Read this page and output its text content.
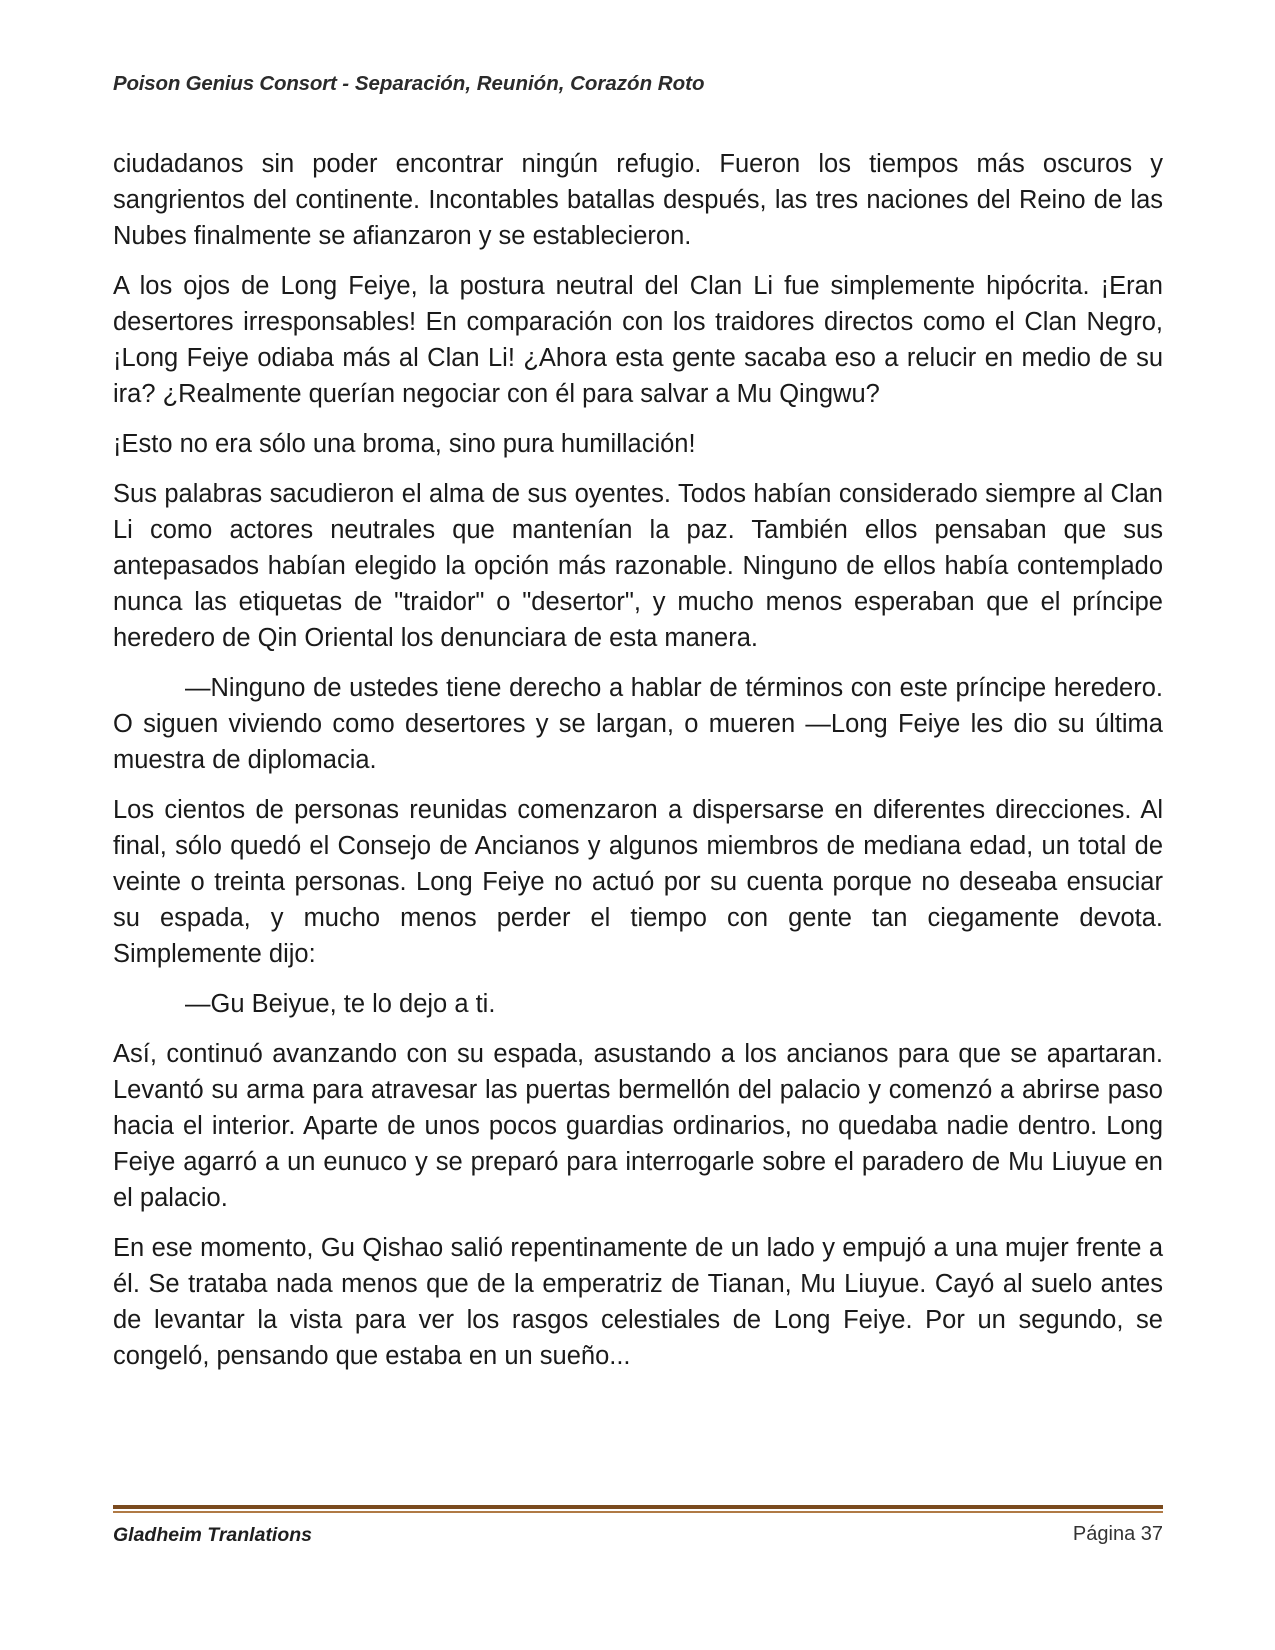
Poison Genius Consort - Separación, Reunión, Corazón Roto

ciudadanos sin poder encontrar ningún refugio. Fueron los tiempos más oscuros y sangrientos del continente. Incontables batallas después, las tres naciones del Reino de las Nubes finalmente se afianzaron y se establecieron.

A los ojos de Long Feiye, la postura neutral del Clan Li fue simplemente hipócrita. ¡Eran desertores irresponsables! En comparación con los traidores directos como el Clan Negro, ¡Long Feiye odiaba más al Clan Li! ¿Ahora esta gente sacaba eso a relucir en medio de su ira? ¿Realmente querían negociar con él para salvar a Mu Qingwu?

¡Esto no era sólo una broma, sino pura humillación!

Sus palabras sacudieron el alma de sus oyentes. Todos habían considerado siempre al Clan Li como actores neutrales que mantenían la paz. También ellos pensaban que sus antepasados habían elegido la opción más razonable. Ninguno de ellos había contemplado nunca las etiquetas de "traidor" o "desertor", y mucho menos esperaban que el príncipe heredero de Qin Oriental los denunciara de esta manera.

—Ninguno de ustedes tiene derecho a hablar de términos con este príncipe heredero. O siguen viviendo como desertores y se largan, o mueren —Long Feiye les dio su última muestra de diplomacia.

Los cientos de personas reunidas comenzaron a dispersarse en diferentes direcciones. Al final, sólo quedó el Consejo de Ancianos y algunos miembros de mediana edad, un total de veinte o treinta personas. Long Feiye no actuó por su cuenta porque no deseaba ensuciar su espada, y mucho menos perder el tiempo con gente tan ciegamente devota. Simplemente dijo:

—Gu Beiyue, te lo dejo a ti.

Así, continuó avanzando con su espada, asustando a los ancianos para que se apartaran. Levantó su arma para atravesar las puertas bermellón del palacio y comenzó a abrirse paso hacia el interior. Aparte de unos pocos guardias ordinarios, no quedaba nadie dentro. Long Feiye agarró a un eunuco y se preparó para interrogarle sobre el paradero de Mu Liuyue en el palacio.

En ese momento, Gu Qishao salió repentinamente de un lado y empujó a una mujer frente a él. Se trataba nada menos que de la emperatriz de Tianan, Mu Liuyue. Cayó al suelo antes de levantar la vista para ver los rasgos celestiales de Long Feiye. Por un segundo, se congeló, pensando que estaba en un sueño...

Gladheim Tranlations	Página 37
